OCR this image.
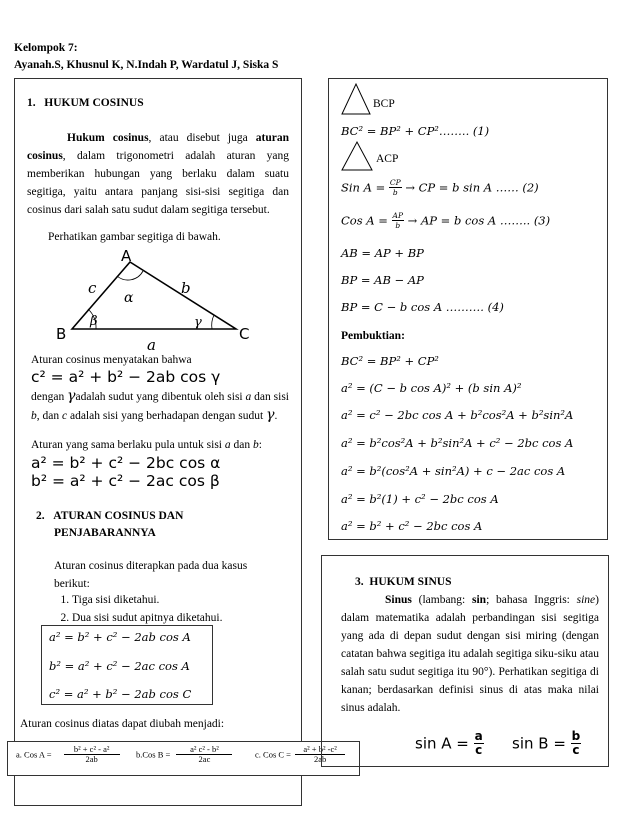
Kelompok 7:
Ayanah.S, Khusnul K, N.Indah P, Wardatul J, Siska S
1. HUKUM COSINUS
Hukum cosinus, atau disebut juga aturan cosinus, dalam trigonometri adalah aturan yang memberikan hubungan yang berlaku dalam suatu segitiga, yaitu antara panjang sisi-sisi segitiga dan cosinus dari salah satu sudut dalam segitiga tersebut.
Perhatikan gambar segitiga di bawah.
A
B	C
c	b
a
α
β	γ
Aturan cosinus menyatakan bahwa
c² = a² + b² − 2ab cos γ
dengan γadalah sudut yang dibentuk oleh sisi a dan sisi b, dan c adalah sisi yang berhadapan dengan sudut γ.
Aturan yang sama berlaku pula untuk sisi a dan b:
a² = b² + c² − 2bc cos α
b² = a² + c² − 2ac cos β
2. ATURAN COSINUS DAN
PENJABARANNYA
Aturan cosinus diterapkan pada dua kasus berikut:
1. Tiga sisi diketahui.
2. Dua sisi sudut apitnya diketahui.
a² = b² + c² − 2ab cos A
b² = a² + c² − 2ac cos A
c² = a² + b² − 2ab cos C
Aturan cosinus diatas dapat diubah menjadi:
a. Cos $A = \frac{\text{b² + c² - a²}}{2ab} b.Cos$ $B = \frac{\text{a² c² - b²}}{2ac}$	c. Cos $C = \frac{\text{a² + b² -c²}}{2ab}$
BCP
BC² = BP² + CP²…….. (1)
ACP
Sin $A = \frac{CP}{b}$ → CP = b sin A …… (2)
Cos $A = \frac{AP}{b}$ → AP = b cos A …….. (3)
AB = AP + BP
BP = AB − AP
BP = C − b cos A ………. (4)
Pembuktian:
BC² = BP² + CP²
a² = (C − b cos A)² + (b sin A)²
a² = c² − 2bc cos A + b²cos²A + b²sin²A
a² = b²cos²A + b²sin²A + c² − 2bc cos A
a² = b²(cos²A + sin²A) + c − 2ac cos A
a² = b²(1) + c² − 2bc cos A
a² = b² + c² − 2bc cos A
3. HUKUM SINUS
Sinus (lambang: sin; bahasa Inggris: sine) dalam matematika adalah perbandingan sisi segitiga yang ada di depan sudut dengan sisi miring (dengan catatan bahwa segitiga itu adalah segitiga siku-siku atau salah satu sudut segitiga itu 90°). Perhatikan segitiga di kanan; berdasarkan definisi sinus di atas maka nilai sinus adalah.
$\sin A = \frac{a}{c}$ $\sin B = \frac{b}{c}$
